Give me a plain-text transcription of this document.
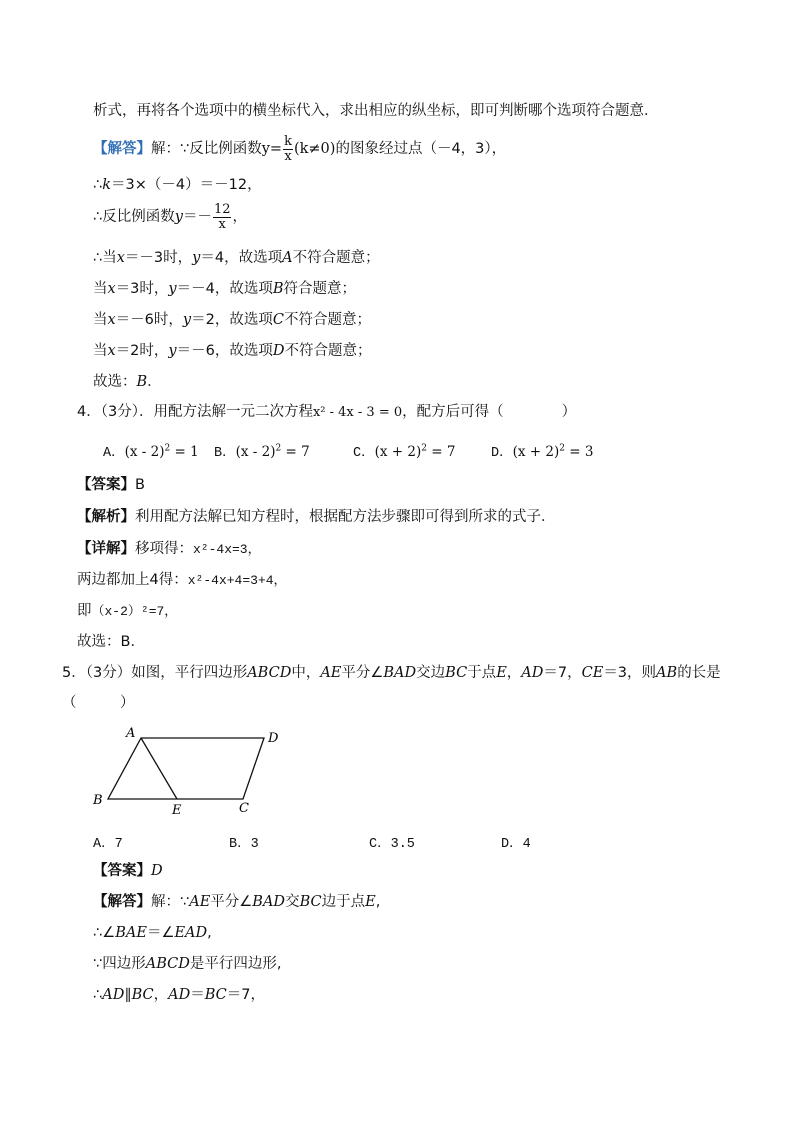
析式，再将各个选项中的横坐标代入，求出相应的纵坐标，即可判断哪个选项符合题意．
【解答】解：∵反比例函数$y= \frac{k}{x} (k\ne 0)$的图象经过点（－4，3），
∴k＝3×（－4）＝－12，
∴反比例函数$y=- \frac{12}{x}$ ，
∴当x＝－3时，y＝4，故选项A不符合题意；
当x＝3时，y＝－4，故选项B符合题意；
当x＝－6时，y＝2，故选项C不符合题意；
当x＝2时，y＝－6，故选项D不符合题意；
故选：B．
4．（3分）．用配方法解一元二次方程x² - 4x - 3 = 0，配方后可得（　　　　）
A．(x - 2)$^2$ = 1 B．(x - 2)$^2$ = 7	C．$(x + 2)^2 = 7$	D．$(x + 2)^2 = 3$
【答案】B
【解析】利用配方法解已知方程时，根据配方法步骤即可得到所求的式子．
【详解】移项得：x²-4x=3，
两边都加上4得：x²-4x+4=3+4，
即（x-2）²=7，
故选：B．
5．（3分）如图，平行四边形ABCD中，AE平分∠BAD交边BC于点E，AD＝7，CE＝3，则AB的长是
（　　　）
A	D
B
E	C
A．7	B．3	C．3.5	D．4
【答案】D
【解答】解：∵AE平分∠BAD交BC边于点E,
∴∠BAE＝∠EAD,
∵四边形ABCD是平行四边形,
∴AD∥BC，AD＝BC＝7，
